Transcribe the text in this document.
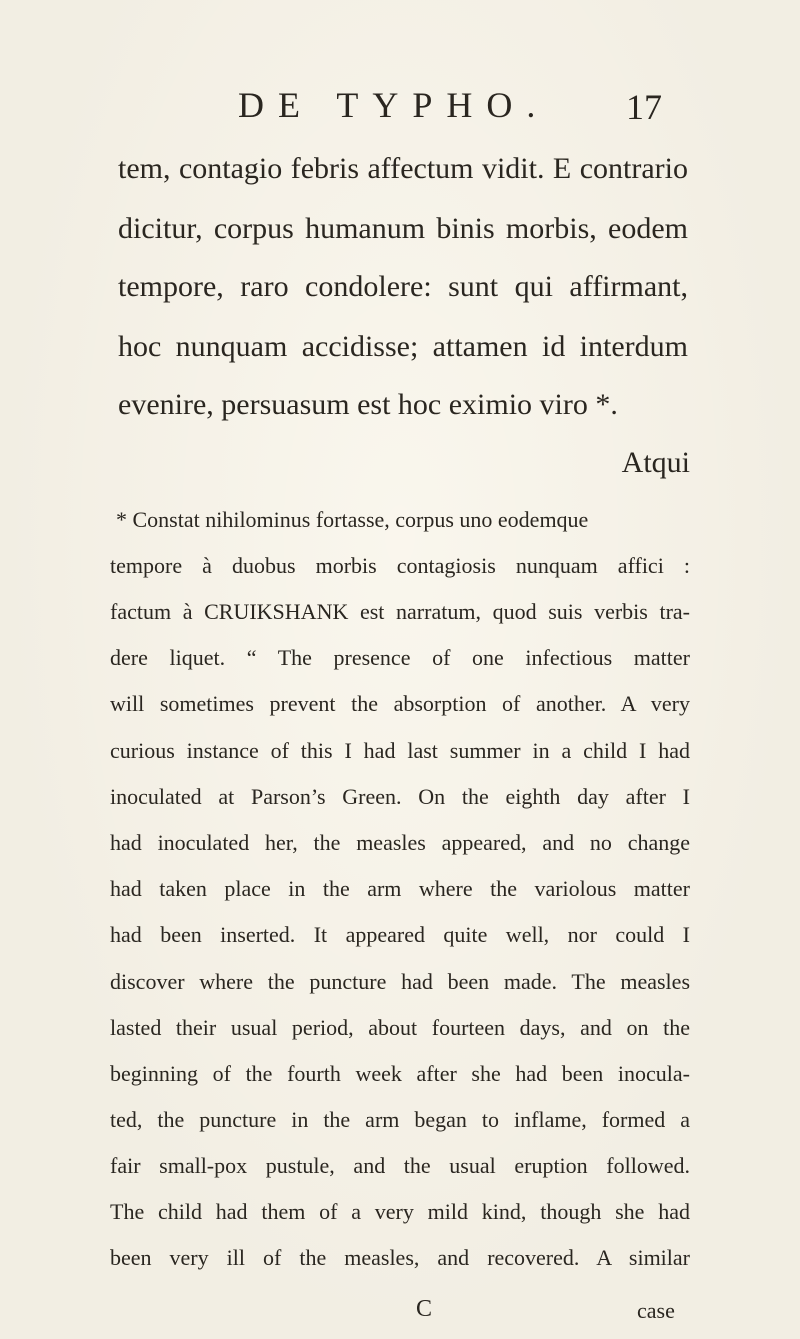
DE TYPHO. 17
tem, contagio febris affectum vidit. E contrario
dicitur, corpus humanum binis morbis, eodem
tempore, raro condolere: sunt qui affirmant,
hoc nunquam accidisse; attamen id interdum
evenire, persuasum est hoc eximio viro *.
Atqui
* Constat nihilominus fortasse, corpus uno eodemque
tempore à duobus morbis contagiosis nunquam affici :
factum à CRUIKSHANK est narratum, quod suis verbis tra-
dere liquet. “ The presence of one infectious matter
will sometimes prevent the absorption of another. A very
curious instance of this I had last summer in a child I had
inoculated at Parson’s Green. On the eighth day after I
had inoculated her, the measles appeared, and no change
had taken place in the arm where the variolous matter
had been inserted. It appeared quite well, nor could I
discover where the puncture had been made. The measles
lasted their usual period, about fourteen days, and on the
beginning of the fourth week after she had been inocula-
ted, the puncture in the arm began to inflame, formed a
fair small-pox pustule, and the usual eruption followed.
The child had them of a very mild kind, though she had
been very ill of the measles, and recovered. A similar
C	case
